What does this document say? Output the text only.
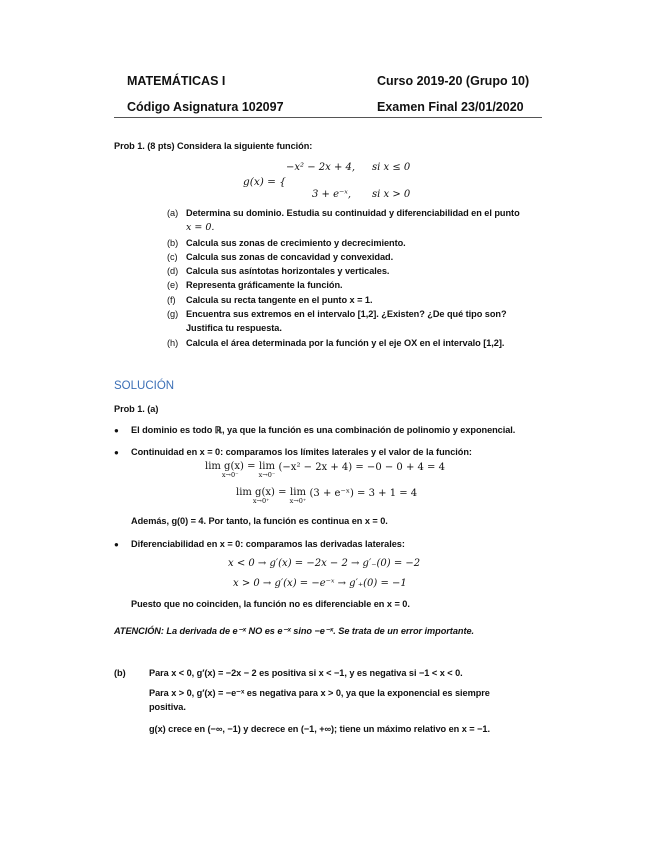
MATEMÁTICAS I	Curso 2019-20 (Grupo 10)
Código Asignatura 102097	Examen Final 23/01/2020
Prob 1. (8 pts) Considera la siguiente función:
g(x) = {
−x² − 2x + 4, si x ≤ 0
3 + e⁻ˣ, si x > 0
(a) Determina su dominio. Estudia su continuidad y diferenciabilidad en el punto
x = 0.
(b) Calcula sus zonas de crecimiento y decrecimiento.
(c) Calcula sus zonas de concavidad y convexidad.
(d) Calcula sus asíntotas horizontales y verticales.
(e) Representa gráficamente la función.
(f) Calcula su recta tangente en el punto x = 1.
(g) Encuentra sus extremos en el intervalo [1,2]. ¿Existen? ¿De qué tipo son?
Justifica tu respuesta.
(h) Calcula el área determinada por la función y el eje OX en el intervalo [1,2].
SOLUCIÓN
Prob 1. (a)
● El dominio es todo ℝ, ya que la función es una combinación de polinomio y exponencial.
● Continuidad en x = 0: comparamos los límites laterales y el valor de la función:
lim g(x) =
x→0⁻
lim
x→0⁻
(−x² − 2x + 4) = −0 − 0 + 4 = 4
lim g(x) =
x→0⁺
lim
x→0⁺
(3 + e⁻ˣ) = 3 + 1 = 4
Además, g(0) = 4. Por tanto, la función es continua en x = 0.
● Diferenciabilidad en x = 0: comparamos las derivadas laterales:
x < 0 → g′(x) = −2x − 2 → g′₋(0) = −2
x > 0 → g′(x) = −e⁻ˣ → g′₊(0) = −1
Puesto que no coinciden, la función no es diferenciable en x = 0.
ATENCIÓN: La derivada de e⁻ˣ NO es e⁻ˣ sino −e⁻ˣ. Se trata de un error importante.
(b)	Para x < 0, g′(x) = −2x − 2 es positiva si x < −1, y es negativa si −1 < x < 0.
Para x > 0, g′(x) = −e⁻ˣ es negativa para x > 0, ya que la exponencial es siempre
positiva.
g(x) crece en (−∞, −1) y decrece en (−1, +∞); tiene un máximo relativo en x = −1.
